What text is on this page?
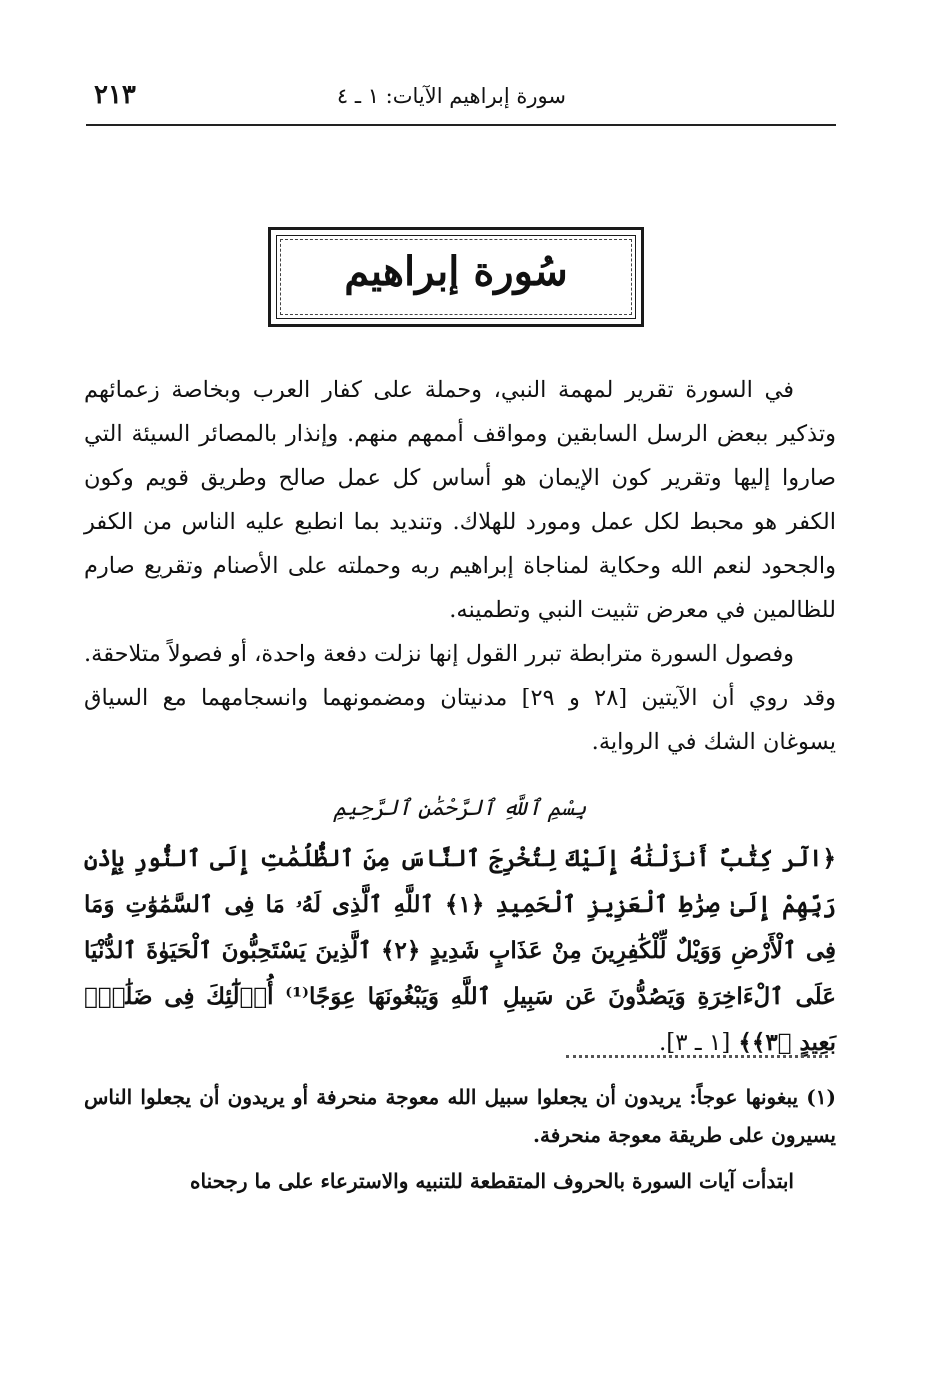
سورة إبراهيم الآيات: ١ ـ ٤
٢١٣
سُورة إبراهيم

في السورة تقرير لمهمة النبي، وحملة على كفار العرب وبخاصة زعمائهم وتذكير ببعض الرسل السابقين ومواقف أممهم منهم. وإنذار بالمصائر السيئة التي صاروا إليها وتقرير كون الإيمان هو أساس كل عمل صالح وطريق قويم وكون الكفر هو محبط لكل عمل ومورد للهلاك. وتنديد بما انطبع عليه الناس من الكفر والجحود لنعم الله وحكاية لمناجاة إبراهيم ربه وحملته على الأصنام وتقريع صارم للظالمين في معرض تثبيت النبي وتطمينه.

وفصول السورة مترابطة تبرر القول إنها نزلت دفعة واحدة، أو فصولاً متلاحقة. وقد روي أن الآيتين [٢٨ و ٢٩] مدنيتان ومضمونهما وانسجامهما مع السياق يسوغان الشك في الرواية.

بِسْمِ ٱللَّهِ ٱلرَّحْمَٰنِ ٱلرَّحِيمِ

﴿الٓر كِتَٰبٌ أَنزَلْنَٰهُ إِلَيْكَ لِتُخْرِجَ ٱلنَّاسَ مِنَ ٱلظُّلُمَٰتِ إِلَى ٱلنُّورِ بِإِذْنِ رَبِّهِمْ إِلَىٰ صِرَٰطِ ٱلْعَزِيزِ ٱلْحَمِيدِ ﴿١﴾ ٱللَّهِ ٱلَّذِى لَهُۥ مَا فِى ٱلسَّمَٰوَٰتِ وَمَا فِى ٱلْأَرْضِ وَوَيْلٌ لِّلْكَٰفِرِينَ مِنْ عَذَابٍ شَدِيدٍ ﴿٢﴾ ٱلَّذِينَ يَسْتَحِبُّونَ ٱلْحَيَوٰةَ ٱلدُّنْيَا عَلَى ٱلْءَاخِرَةِ وَيَصُدُّونَ عَن سَبِيلِ ٱللَّهِ وَيَبْغُونَهَا عِوَجًا⁽¹⁾ أُو۟لَٰٓئِكَ فِى ضَلَٰلٍۭ بَعِيدٍ ﴿٣﴾﴾ [١ ـ ٣].

(١) يبغونها عوجاً: يريدون أن يجعلوا سبيل الله معوجة منحرفة أو يريدون أن يجعلوا الناس يسيرون على طريقة معوجة منحرفة.

ابتدأت آيات السورة بالحروف المتقطعة للتنبيه والاسترعاء على ما رجحناه
